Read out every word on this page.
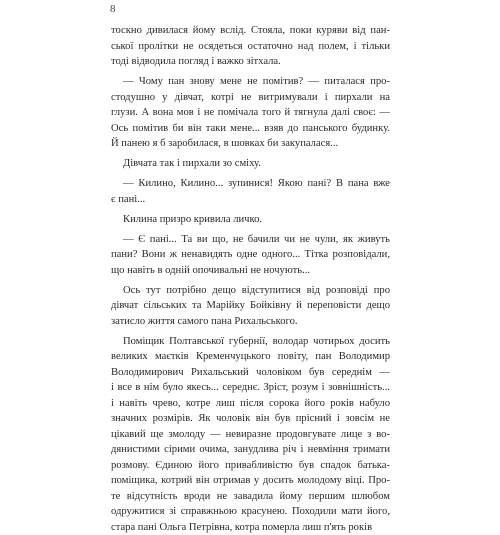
8
тоскно дивилася йому вслід. Стояла, поки куряви від пан-
ської пролітки не осядеться остаточно над полем, і тільки
тоді відводила погляд і важко зітхала.
— Чому пан знову мене не помітив? — питалася про-
стодушно у дівчат, котрі не витримували і пирхали на
глузи. А вона мов і не помічала того й тягнула далі своє: —
Ось помітив би він таки мене... взяв до панського будинку.
Й панею я б заробилася, в шовках би закупалася...
Дівчата так і пирхали зо сміху.
— Килино, Килино... зупинися! Якою пані? В пана вже
є пані...
Килина призро кривила личко.
— Є пані... Та ви що, не бачили чи не чули, як живуть
пани? Вони ж ненавидять одне одного... Тітка розповідали,
що навіть в одній опочивальні не ночують...
Ось тут потрібно дещо відступитися від розповіді про
дівчат сільських та Марійку Бойківну й переповісти дещо
затисло життя самого пана Рихальського.
Поміщик Полтавської губернії, володар чотирьох досить
великих маєтків Кременчуцького повіту, пан Володимир
Володимирович Рихальський чоловіком був середнім —
і все в нім було якесь... середнє. Зріст, розум і зовнішність...
і навіть чрево, котре лиш після сорока його років набуло
значних розмірів. Як чоловік він був прісний і зовсім не
цікавий ще змолоду — невиразне продовгувате лице з во-
дянистими сірими очима, занудлива річ і невміння тримати
розмову. Єдиною його привабливістю був спадок батька-
поміщика, котрий він отримав у досить молодому віці. Про-
те відсутність вроди не завадила йому першим шлюбом
одружитися зі справжньою красунею. Походили мати його,
стара пані Ольга Петрівна, котра померла лиш п'ять років
